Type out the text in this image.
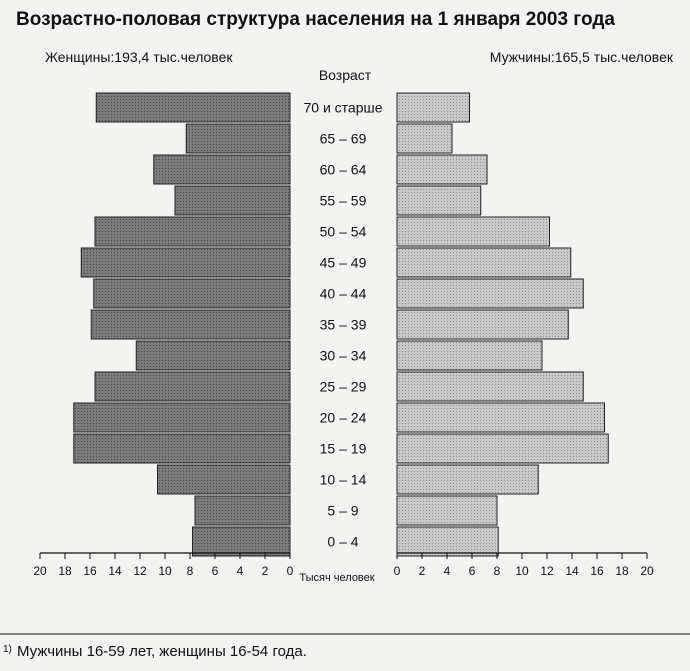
Возрастно-половая структура населения на 1 января 2003 года
Женщины:193,4 тыс.человек	Мужчины:165,5 тыс.человек
Возраст
70 и старше
65 – 69
60 – 64
55 – 59
50 – 54
45 – 49
40 – 44
35 – 39
30 – 34
25 – 29
20 – 24
15 – 19
10 – 14
5 – 9
0 – 4
20 18 16 14 12 10 8 6 4 2 0	0 2 4 6 8 10 12 14 16 18 20
Тысяч человек
1) Мужчины 16-59 лет, женщины 16-54 года.
